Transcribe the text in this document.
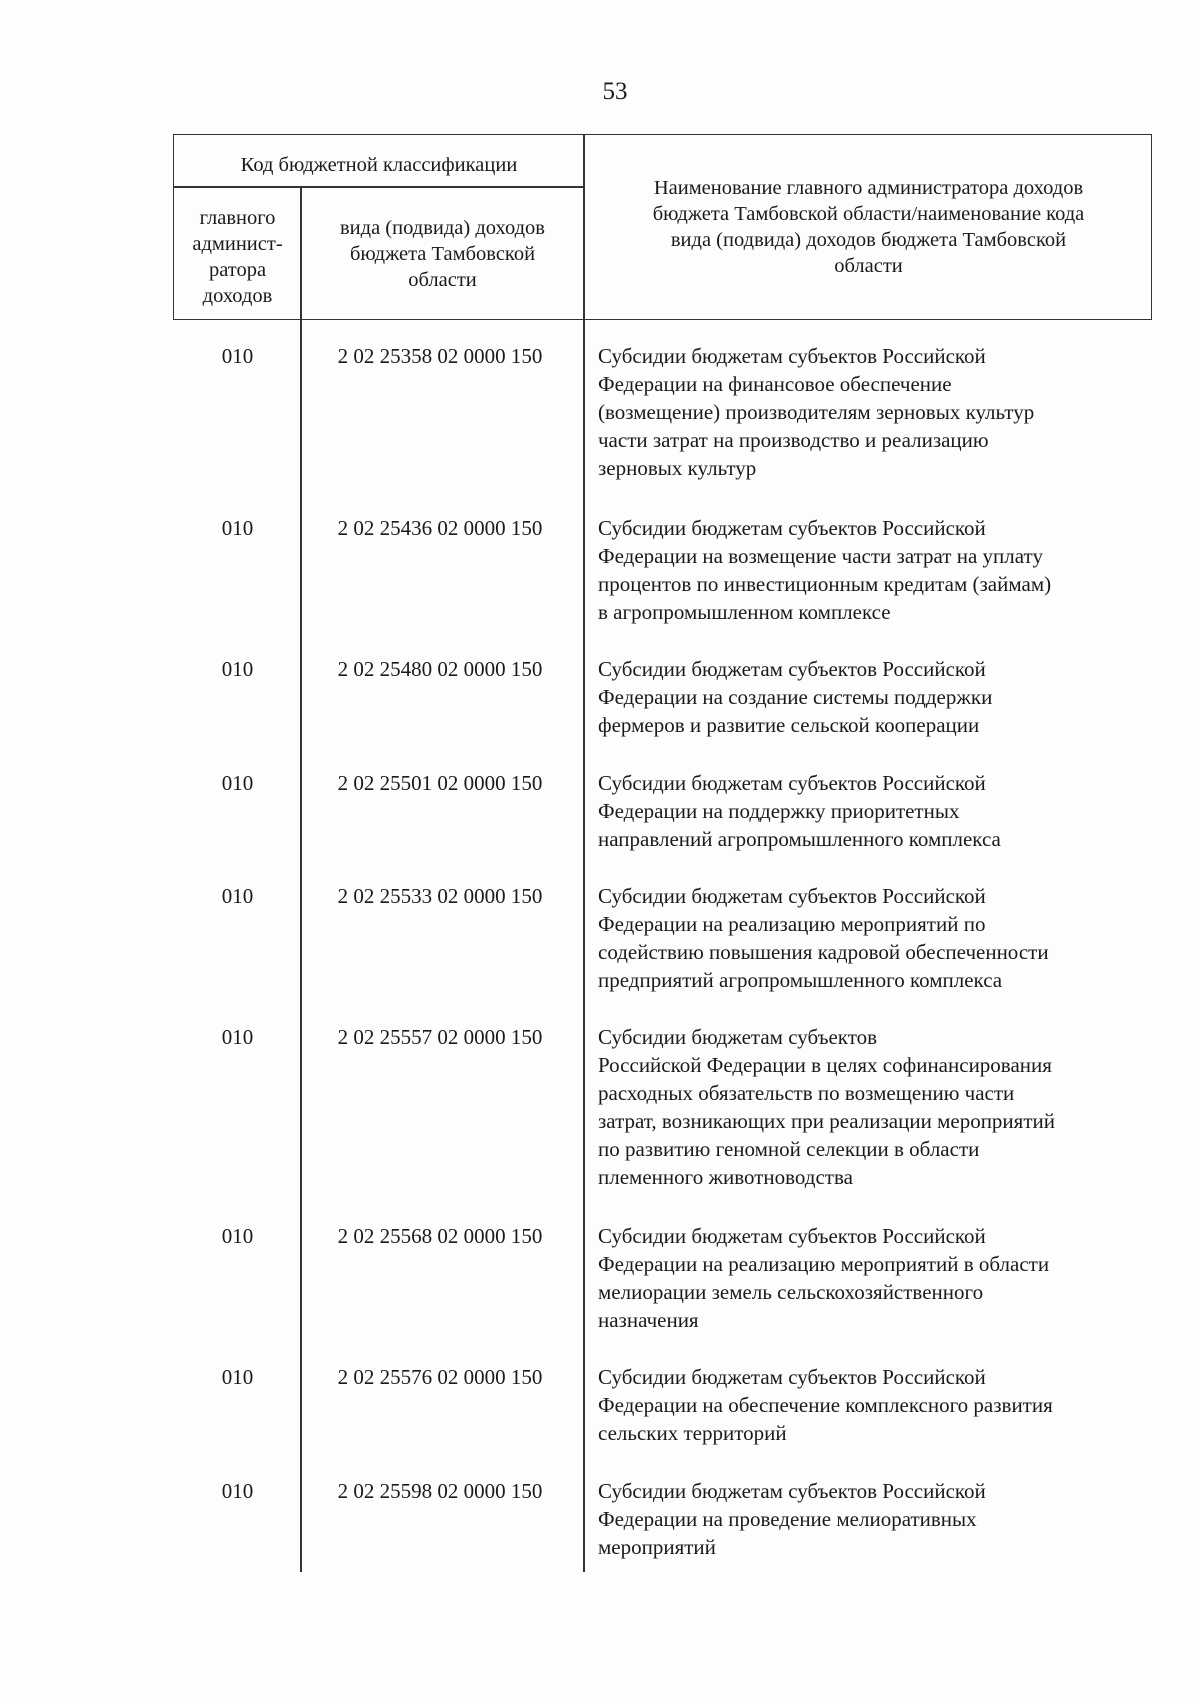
53
Код бюджетной классификации
главного
админист-
ратора
доходов
вида (подвида) доходов
бюджета Тамбовской
области
Наименование главного администратора доходов
бюджета Тамбовской области/наименование кода
вида (подвида) доходов бюджета Тамбовской
области
010	2 02 25358 02 0000 150	Субсидии бюджетам субъектов Российской
Федерации на финансовое обеспечение
(возмещение) производителям зерновых культур
части затрат на производство и реализацию
зерновых культур
010	2 02 25436 02 0000 150	Субсидии бюджетам субъектов Российской
Федерации на возмещение части затрат на уплату
процентов по инвестиционным кредитам (займам)
в агропромышленном комплексе
010	2 02 25480 02 0000 150	Субсидии бюджетам субъектов Российской
Федерации на создание системы поддержки
фермеров и развитие сельской кооперации
010	2 02 25501 02 0000 150	Субсидии бюджетам субъектов Российской
Федерации на поддержку приоритетных
направлений агропромышленного комплекса
010	2 02 25533 02 0000 150	Субсидии бюджетам субъектов Российской
Федерации на реализацию мероприятий по
содействию повышения кадровой обеспеченности
предприятий агропромышленного комплекса
010	2 02 25557 02 0000 150	Субсидии бюджетам субъектов
Российской Федерации в целях софинансирования
расходных обязательств по возмещению части
затрат, возникающих при реализации мероприятий
по развитию геномной селекции в области
племенного животноводства
010	2 02 25568 02 0000 150	Субсидии бюджетам субъектов Российской
Федерации на реализацию мероприятий в области
мелиорации земель сельскохозяйственного
назначения
010	2 02 25576 02 0000 150	Субсидии бюджетам субъектов Российской
Федерации на обеспечение комплексного развития
сельских территорий
010	2 02 25598 02 0000 150	Субсидии бюджетам субъектов Российской
Федерации на проведение мелиоративных
мероприятий
